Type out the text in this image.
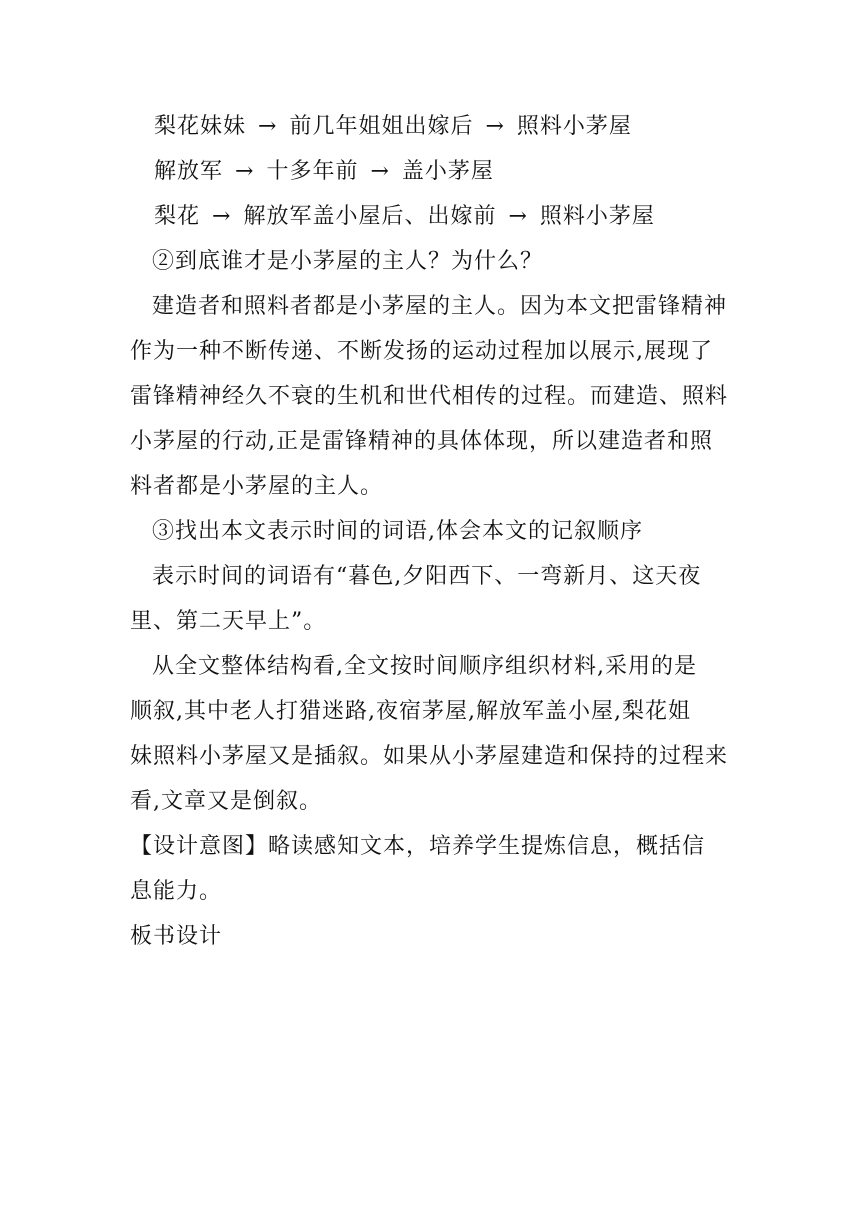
梨花妹妹 → 前几年姐姐出嫁后 → 照料小茅屋

解放军 → 十多年前 → 盖小茅屋

梨花 → 解放军盖小屋后、出嫁前 → 照料小茅屋

②到底谁才是小茅屋的主人？为什么？

建造者和照料者都是小茅屋的主人。因为本文把雷锋精神

作为一种不断传递、不断发扬的运动过程加以展示,展现了

雷锋精神经久不衰的生机和世代相传的过程。而建造、照料

小茅屋的行动,正是雷锋精神的具体体现，所以建造者和照

料者都是小茅屋的主人。

③找出本文表示时间的词语,体会本文的记叙顺序

表示时间的词语有“暮色,夕阳西下、一弯新月、这天夜

里、第二天早上”。

从全文整体结构看,全文按时间顺序组织材料,采用的是

顺叙,其中老人打猎迷路,夜宿茅屋,解放军盖小屋,梨花姐

妹照料小茅屋又是插叙。如果从小茅屋建造和保持的过程来

看,文章又是倒叙。

【设计意图】略读感知文本，培养学生提炼信息，概括信

息能力。

板书设计
